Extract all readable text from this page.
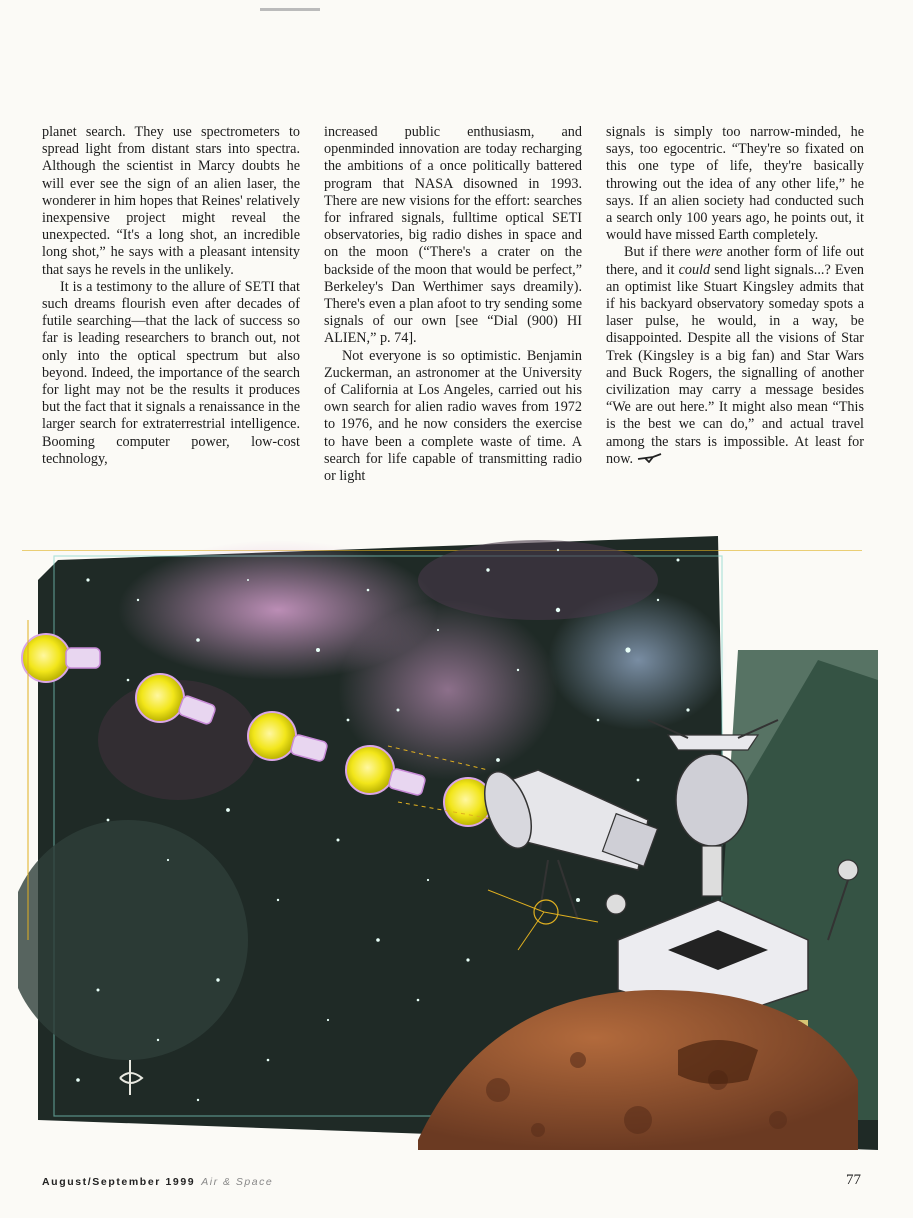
planet search. They use spectrometers to spread light from distant stars into spectra. Although the scientist in Marcy doubts he will ever see the sign of an alien laser, the wonderer in him hopes that Reines' relatively inexpensive project might reveal the unexpected. “It's a long shot, an incredible long shot,” he says with a pleasant intensity that says he revels in the unlikely.

It is a testimony to the allure of SETI that such dreams flourish even after decades of futile searching—that the lack of success so far is leading researchers to branch out, not only into the optical spectrum but also beyond. Indeed, the importance of the search for light may not be the results it produces but the fact that it signals a renaissance in the larger search for extraterrestrial intelligence. Booming computer power, low-cost technology,

increased public enthusiasm, and openminded innovation are today recharging the ambitions of a once politically battered program that NASA disowned in 1993. There are new visions for the effort: searches for infrared signals, fulltime optical SETI observatories, big radio dishes in space and on the moon (“There's a crater on the backside of the moon that would be perfect,” Berkeley's Dan Werthimer says dreamily). There's even a plan afoot to try sending some signals of our own [see “Dial (900) HI ALIEN,” p. 74].

Not everyone is so optimistic. Benjamin Zuckerman, an astronomer at the University of California at Los Angeles, carried out his own search for alien radio waves from 1972 to 1976, and he now considers the exercise to have been a complete waste of time. A search for life capable of transmitting radio or light

signals is simply too narrow-minded, he says, too egocentric. “They're so fixated on this one type of life, they're basically throwing out the idea of any other life,” he says. If an alien society had conducted such a search only 100 years ago, he points out, it would have missed Earth completely.

But if there were another form of life out there, and it could send light signals...? Even an optimist like Stuart Kingsley admits that if his backyard observatory someday spots a laser pulse, he would, in a way, be disappointed. Despite all the visions of Star Trek (Kingsley is a big fan) and Star Wars and Buck Rogers, the signalling of another civilization may carry a message besides “We are out here.” It might also mean “This is the best we can do,” and actual travel among the stars is impossible. At least for now.

August/September 1999 Air & Space	77
